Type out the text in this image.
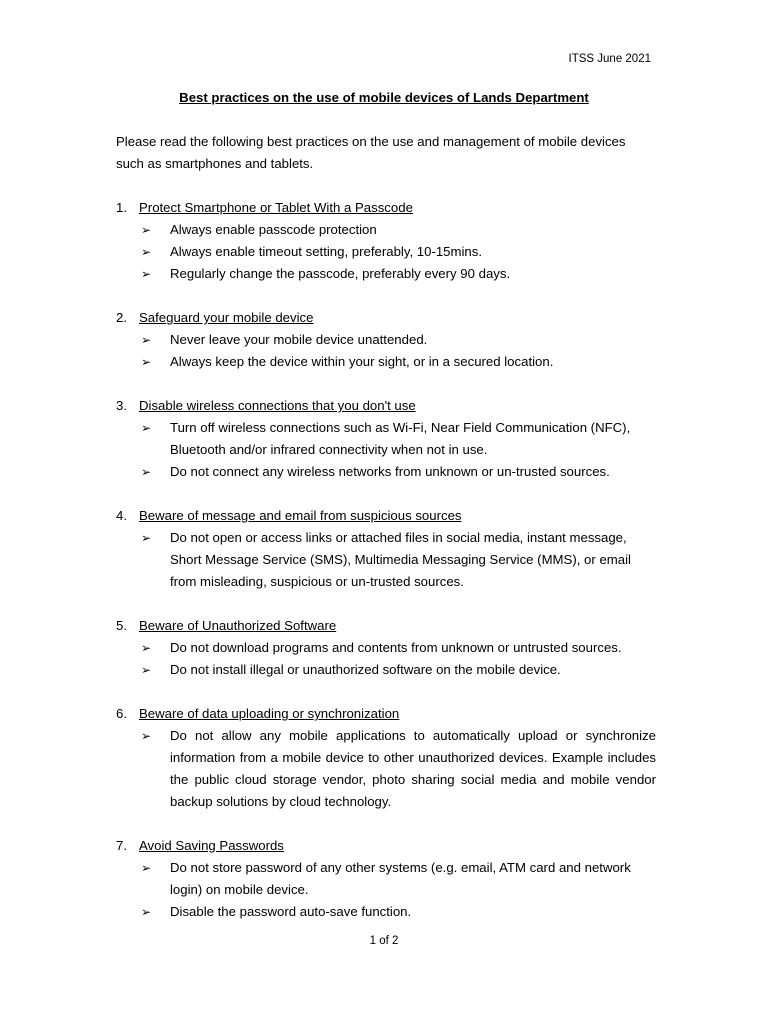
ITSS June 2021
Best practices on the use of mobile devices of Lands Department
Please read the following best practices on the use and management of mobile devices such as smartphones and tablets.
1. Protect Smartphone or Tablet With a Passcode
➢	Always enable passcode protection
➢	Always enable timeout setting, preferably, 10-15mins.
➢	Regularly change the passcode, preferably every 90 days.
2. Safeguard your mobile device
➢	Never leave your mobile device unattended.
➢	Always keep the device within your sight, or in a secured location.
3. Disable wireless connections that you don't use
➢	Turn off wireless connections such as Wi-Fi, Near Field Communication (NFC), Bluetooth and/or infrared connectivity when not in use.
➢	Do not connect any wireless networks from unknown or un-trusted sources.
4. Beware of message and email from suspicious sources
➢	Do not open or access links or attached files in social media, instant message, Short Message Service (SMS), Multimedia Messaging Service (MMS), or email from misleading, suspicious or un-trusted sources.
5. Beware of Unauthorized Software
➢	Do not download programs and contents from unknown or untrusted sources.
➢	Do not install illegal or unauthorized software on the mobile device.
6. Beware of data uploading or synchronization
➢	Do not allow any mobile applications to automatically upload or synchronize information from a mobile device to other unauthorized devices. Example includes the public cloud storage vendor, photo sharing social media and mobile vendor backup solutions by cloud technology.
7. Avoid Saving Passwords
➢	Do not store password of any other systems (e.g. email, ATM card and network login) on mobile device.
➢	Disable the password auto-save function.
1 of 2
